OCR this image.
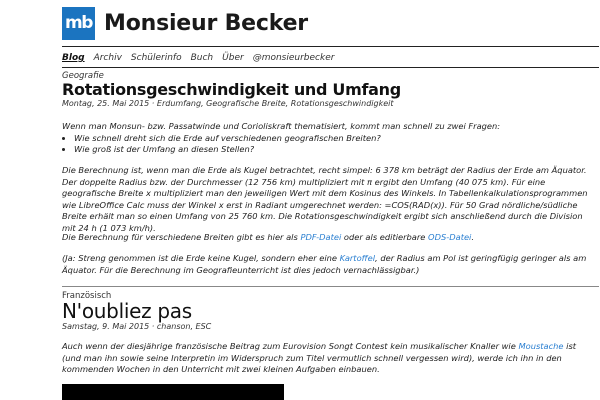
mb Monsieur Becker
Blog Archiv Schülerinfo Buch Über @monsieurbecker
Geografie
Rotationsgeschwindigkeit und Umfang
Montag, 25. Mai 2015 · Erdumfang, Geografische Breite, Rotationsgeschwindigkeit
Wenn man Monsun- bzw. Passatwinde und Corioliskraft thematisiert, kommt man schnell zu zwei Fragen:
• Wie schnell dreht sich die Erde auf verschiedenen geografischen Breiten?
• Wie groß ist der Umfang an diesen Stellen?
Die Berechnung ist, wenn man die Erde als Kugel betrachtet, recht simpel: 6 378 km beträgt der Radius der Erde am Äquator. Der doppelte Radius bzw. der Durchmesser (12 756 km) multipliziert mit π ergibt den Umfang (40 075 km). Für eine geografische Breite x multipliziert man den jeweiligen Wert mit dem Kosinus des Winkels. In Tabellenkalkulationsprogrammen wie LibreOffice Calc muss der Winkel x erst in Radiant umgerechnet werden: =COS(RAD(x)). Für 50 Grad nördliche/südliche Breite erhält man so einen Umfang von 25 760 km. Die Rotationsgeschwindigkeit ergibt sich anschließend durch die Division mit 24 h (1 073 km/h).
Die Berechnung für verschiedene Breiten gibt es hier als PDF-Datei oder als editierbare ODS-Datei.
(Ja: Streng genommen ist die Erde keine Kugel, sondern eher eine Kartoffel, der Radius am Pol ist geringfügig geringer als am Äquator. Für die Berechnung im Geografieunterricht ist dies jedoch vernachlässigbar.)
Französisch
N'oubliez pas
Samstag, 9. Mai 2015 · chanson, ESC
Auch wenn der diesjährige französische Beitrag zum Eurovision Songt Contest kein musikalischer Knaller wie Moustache ist (und man ihn sowie seine Interpretin im Widerspruch zum Titel vermutlich schnell vergessen wird), werde ich ihn in den kommenden Wochen in den Unterricht mit zwei kleinen Aufgaben einbauen.
